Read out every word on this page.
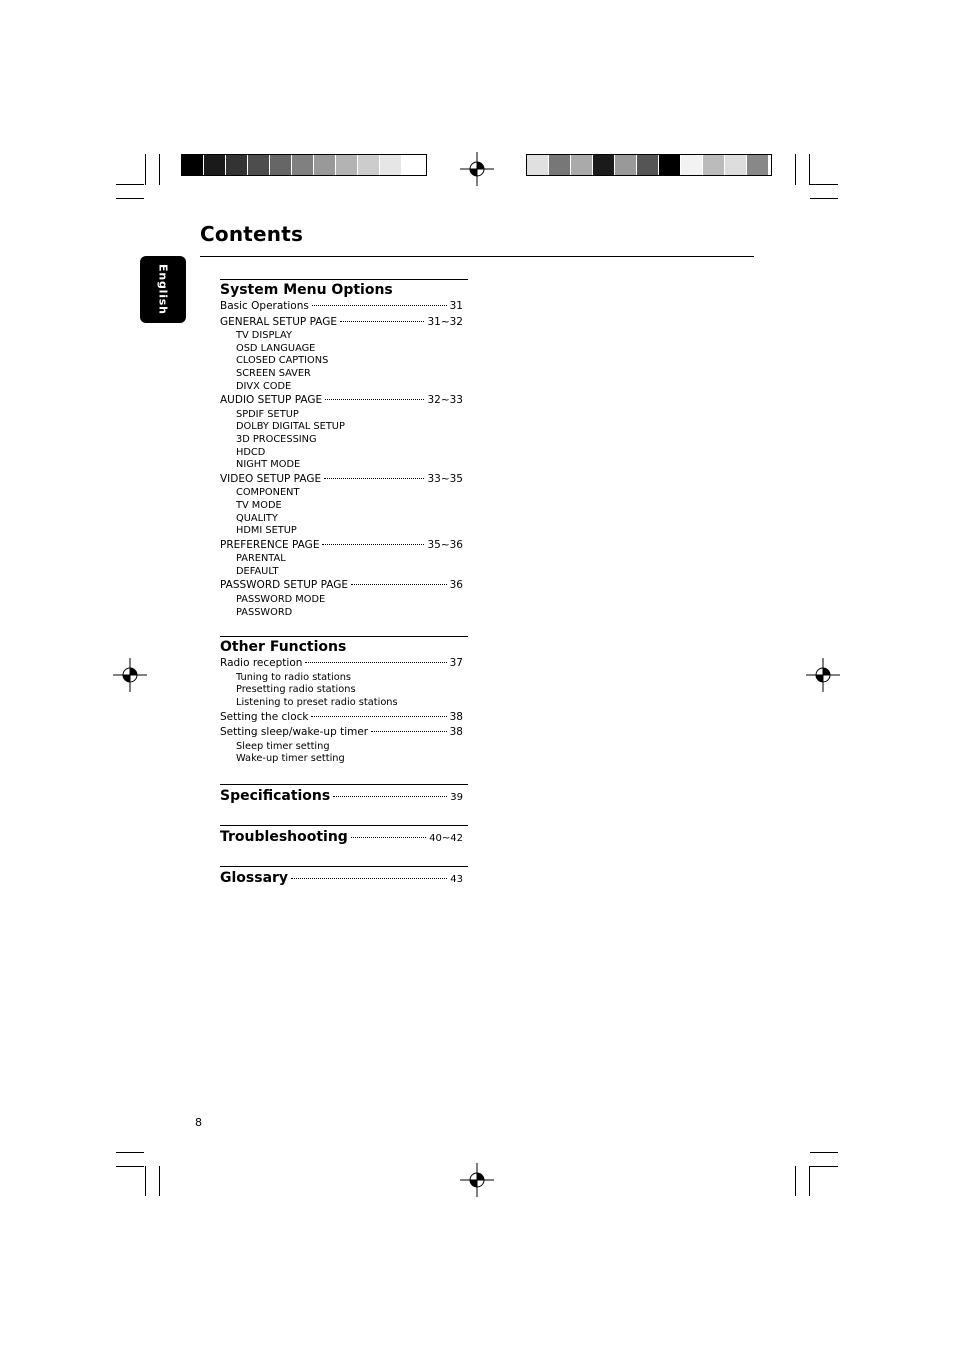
English
Contents
System Menu Options
Basic Operations	31
GENERAL SETUP PAGE	31~32
TV DISPLAY
OSD LANGUAGE
CLOSED CAPTIONS
SCREEN SAVER
DIVX CODE
AUDIO SETUP PAGE	32~33
SPDIF SETUP
DOLBY DIGITAL SETUP
3D PROCESSING
HDCD
NIGHT MODE
VIDEO SETUP PAGE	33~35
COMPONENT
TV MODE
QUALITY
HDMI SETUP
PREFERENCE PAGE	35~36
PARENTAL
DEFAULT
PASSWORD SETUP PAGE	36
PASSWORD MODE
PASSWORD
Other Functions
Radio reception	37
Tuning to radio stations
Presetting radio stations
Listening to preset radio stations
Setting the clock	38
Setting sleep/wake-up timer	38
Sleep timer setting
Wake-up timer setting
Specifications	39
Troubleshooting	40~42
Glossary	43
8
